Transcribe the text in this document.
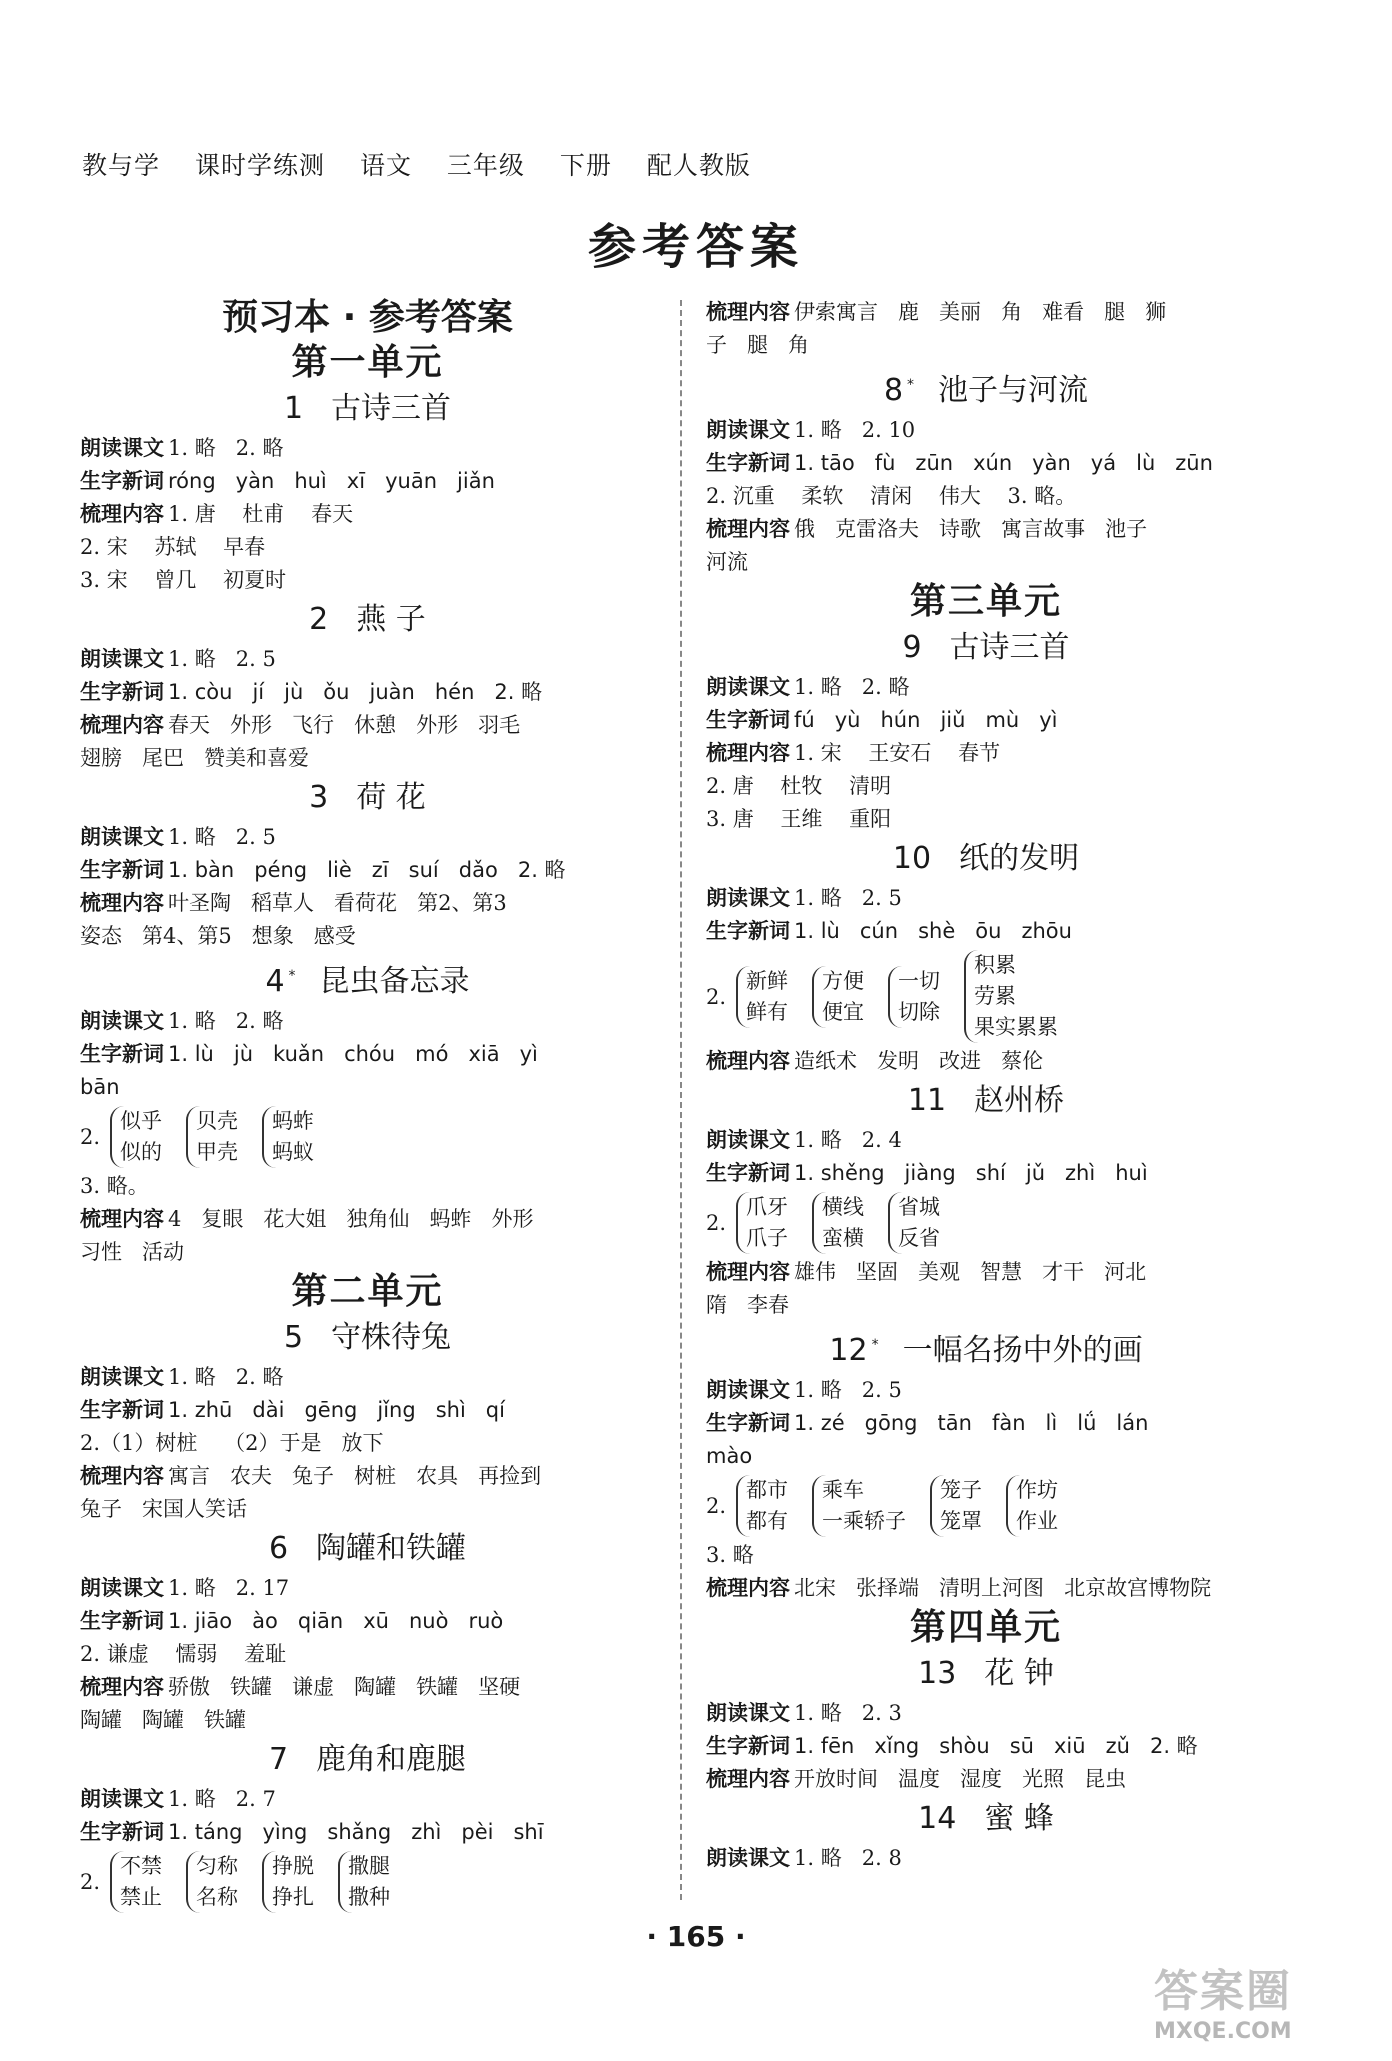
教与学 课时学练测 语文 三年级 下册 配人教版
参考答案
预习本 · 参考答案
第一单元
1 古诗三首
朗读课文 1. 略   2. 略
生字新词 róng   yàn   huì   xī   yuān   jiǎn
梳理内容 1. 唐    杜甫    春天
2. 宋    苏轼    早春
3. 宋    曾几    初夏时
2 燕 子
朗读课文 1. 略   2. 5
生字新词 1. còu   jí   jù   ǒu   juàn   hén   2. 略
梳理内容 春天   外形   飞行   休憩   外形   羽毛
翅膀   尾巴   赞美和喜爱
3 荷 花
朗读课文 1. 略   2. 5
生字新词 1. bàn   péng   liè   zī   suí   dǎo   2. 略
梳理内容 叶圣陶   稻草人   看荷花   第2、第3
姿态   第4、第5   想象   感受
4 * 昆虫备忘录
朗读课文 1. 略   2. 略
生字新词 1. lù   jù   kuǎn   chóu   mó   xiā   yì
bān
2.
似乎
似的
贝壳
甲壳
蚂蚱
蚂蚁
3. 略。
梳理内容 4   复眼   花大姐   独角仙   蚂蚱   外形
习性   活动
第二单元
5 守株待兔
朗读课文 1. 略   2. 略
生字新词 1. zhū   dài   gēng   jǐng   shì   qí
2.（1）树桩    （2）于是   放下
梳理内容 寓言   农夫   兔子   树桩   农具   再捡到
兔子   宋国人笑话
6 陶罐和铁罐
朗读课文 1. 略   2. 17
生字新词 1. jiāo   ào   qiān   xū   nuò   ruò
2. 谦虚    懦弱    羞耻
梳理内容 骄傲   铁罐   谦虚   陶罐   铁罐   坚硬
陶罐   陶罐   铁罐
7 鹿角和鹿腿
朗读课文 1. 略   2. 7
生字新词 1. táng   yìng   shǎng   zhì   pèi   shī
2.
不禁
禁止
匀称
名称
挣脱
挣扎
撒腿
撒种
梳理内容 伊索寓言   鹿   美丽   角   难看   腿   狮
子   腿   角
8 * 池子与河流
朗读课文 1. 略   2. 10
生字新词 1. tāo   fù   zūn   xún   yàn   yá   lù   zūn
2. 沉重    柔软    清闲    伟大    3. 略。
梳理内容 俄   克雷洛夫   诗歌   寓言故事   池子
河流
第三单元
9 古诗三首
朗读课文 1. 略   2. 略
生字新词 fú   yù   hún   jiǔ   mù   yì
梳理内容 1. 宋    王安石    春节
2. 唐    杜牧    清明
3. 唐    王维    重阳
10 纸的发明
朗读课文 1. 略   2. 5
生字新词 1. lù   cún   shè   ōu   zhōu
2.
新鲜
鲜有
方便
便宜
一切
切除
积累
劳累
果实累累
梳理内容 造纸术   发明   改进   蔡伦
11 赵州桥
朗读课文 1. 略   2. 4
生字新词 1. shěng   jiàng   shí   jǔ   zhì   huì
2.
爪牙
爪子
横线
蛮横
省城
反省
梳理内容 雄伟   坚固   美观   智慧   才干   河北
隋   李春
12 * 一幅名扬中外的画
朗读课文 1. 略   2. 5
生字新词 1. zé   gōng   tān   fàn   lì   lǘ   lán
mào
2.
都市
都有
乘车
一乘轿子
笼子
笼罩
作坊
作业
3. 略
梳理内容 北宋   张择端   清明上河图   北京故宫博物院
第四单元
13 花 钟
朗读课文 1. 略   2. 3
生字新词 1. fēn   xǐng   shòu   sū   xiū   zǔ   2. 略
梳理内容 开放时间   温度   湿度   光照   昆虫
14 蜜 蜂
朗读课文 1. 略   2. 8
· 165 ·
答案圈
MXQE.COM
